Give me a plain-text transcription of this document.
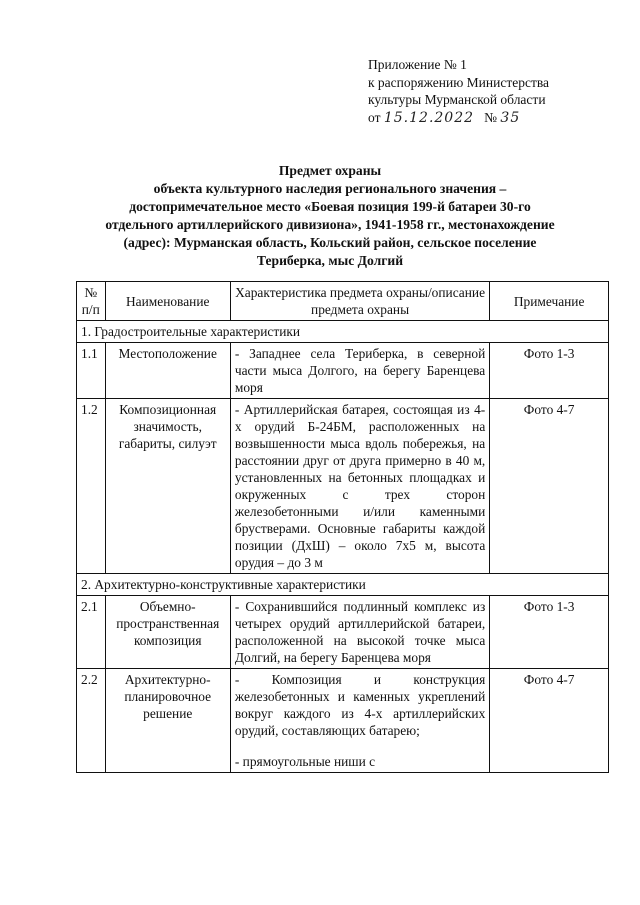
Приложение № 1
к распоряжению Министерства
культуры Мурманской области
от 15.12.2022 № 35
Предмет охраны
объекта культурного наследия регионального значения –
достопримечательное место «Боевая позиция 199-й батареи 30-го
отдельного артиллерийского дивизиона», 1941-1958 гг., местонахождение
(адрес): Мурманская область, Кольский район, сельское поселение
Териберка, мыс Долгий
№ п/п	Наименование	Характеристика предмета охраны/описание предмета охраны	Примечание
1. Градостроительные характеристики			
1.1	Местоположение	- Западнее села Териберка, в северной части мыса Долгого, на берегу Баренцева моря	Фото 1-3
1.2	Композиционная значимость, габариты, силуэт	- Артиллерийская батарея, состоящая из 4-х орудий Б-24БМ, расположенных на возвышенности мыса вдоль побережья, на расстоянии друг от друга примерно в 40 м, установленных на бетонных площадках и окруженных с трех сторон железобетонными и/или каменными брустверами. Основные габариты каждой позиции (ДхШ) – около 7х5 м, высота орудия – до 3 м	Фото 4-7
2. Архитектурно-конструктивные характеристики			
2.1	Объемно-пространственная композиция	- Сохранившийся подлинный комплекс из четырех орудий артиллерийской батареи, расположенной на высокой точке мыса Долгий, на берегу Баренцева моря	Фото 1-3
2.2	Архитектурно-планировочное решение	- Композиция и конструкция железобетонных и каменных укреплений вокруг каждого из 4-х артиллерийских орудий, составляющих батарею;
- прямоугольные ниши с	Фото 4-7
